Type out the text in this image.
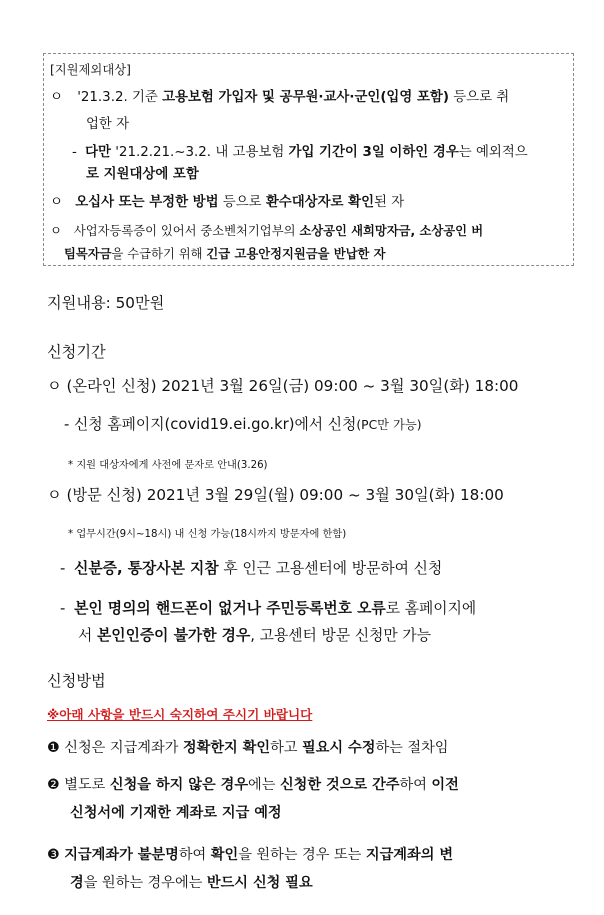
[지원제외대상]
ㅇ '21.3.2. 기준 고용보험 가입자 및 공무원·교사·군인(입영 포함) 등으로 취
업한 자
- 다만 '21.2.21.~3.2. 내 고용보험 가입 기간이 3일 이하인 경우는 예외적으
로 지원대상에 포함
ㅇ 오십사 또는 부정한 방법 등으로 환수대상자로 확인된 자
ㅇ 사업자등록증이 있어서 중소벤처기업부의 소상공인 새희망자금, 소상공인 버
팀목자금을 수급하기 위해 긴급 고용안정지원금을 반납한 자
지원내용: 50만원
신청기간
ㅇ (온라인 신청) 2021년 3월 26일(금) 09:00 ~ 3월 30일(화) 18:00
- 신청 홈페이지(covid19.ei.go.kr)에서 신청(PC만 가능)
* 지원 대상자에게 사전에 문자로 안내(3.26)
ㅇ (방문 신청) 2021년 3월 29일(월) 09:00 ~ 3월 30일(화) 18:00
* 업무시간(9시~18시) 내 신청 가능(18시까지 방문자에 한함)
- 신분증, 통장사본 지참 후 인근 고용센터에 방문하여 신청
- 본인 명의의 핸드폰이 없거나 주민등록번호 오류로 홈페이지에
서 본인인증이 불가한 경우, 고용센터 방문 신청만 가능
신청방법
※아래 사항을 반드시 숙지하여 주시기 바랍니다
❶ 신청은 지급계좌가 정확한지 확인하고 필요시 수정하는 절차임
❷ 별도로 신청을 하지 않은 경우에는 신청한 것으로 간주하여 이전
신청서에 기재한 계좌로 지급 예정
❸ 지급계좌가 불분명하여 확인을 원하는 경우 또는 지급계좌의 변
경을 원하는 경우에는 반드시 신청 필요
